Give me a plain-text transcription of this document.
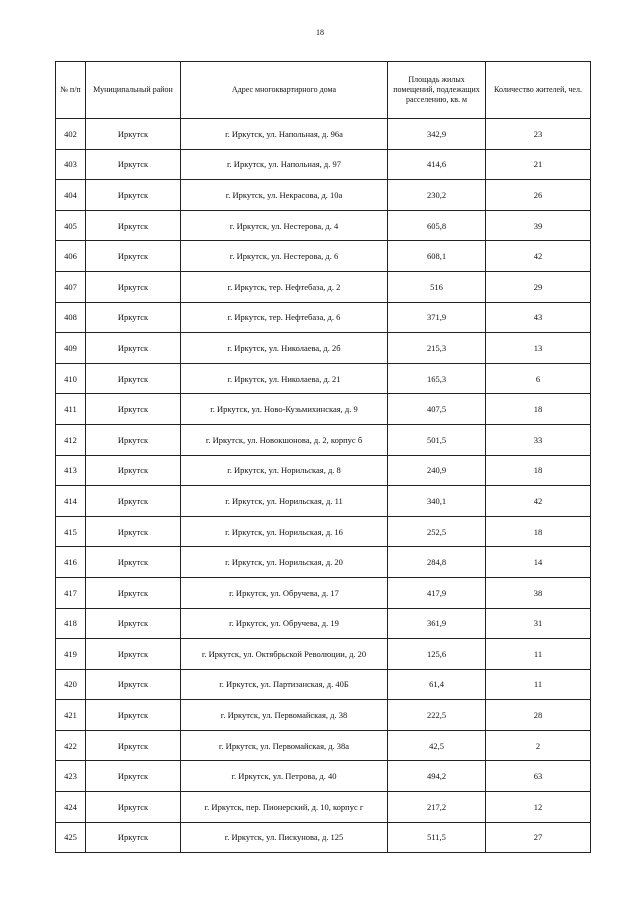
18
№ п/п	Муниципальный район	Адрес многоквартирного дома	Площадь жилых помещений, подлежащих расселению, кв. м	Количество жителей, чел.
402	Иркутск	г. Иркутск, ул. Напольная, д. 96а	342,9	23
403	Иркутск	г. Иркутск, ул. Напольная, д. 97	414,6	21
404	Иркутск	г. Иркутск, ул. Некрасова, д. 10а	230,2	26
405	Иркутск	г. Иркутск, ул. Нестерова, д. 4	605,8	39
406	Иркутск	г. Иркутск, ул. Нестерова, д. 6	608,1	42
407	Иркутск	г. Иркутск, тер. Нефтебаза, д. 2	516	29
408	Иркутск	г. Иркутск, тер. Нефтебаза, д. 6	371,9	43
409	Иркутск	г. Иркутск, ул. Николаева, д. 2б	215,3	13
410	Иркутск	г. Иркутск, ул. Николаева, д. 21	165,3	6
411	Иркутск	г. Иркутск, ул. Ново-Кузьмихинская, д. 9	407,5	18
412	Иркутск	г. Иркутск, ул. Новокшонова, д. 2, корпус б	501,5	33
413	Иркутск	г. Иркутск, ул. Норильская, д. 8	240,9	18
414	Иркутск	г. Иркутск, ул. Норильская, д. 11	340,1	42
415	Иркутск	г. Иркутск, ул. Норильская, д. 16	252,5	18
416	Иркутск	г. Иркутск, ул. Норильская, д. 20	284,8	14
417	Иркутск	г. Иркутск, ул. Обручева, д. 17	417,9	38
418	Иркутск	г. Иркутск, ул. Обручева, д. 19	361,9	31
419	Иркутск	г. Иркутск, ул. Октябрьской Революции, д. 20	125,6	11
420	Иркутск	г. Иркутск, ул. Партизанская, д. 40Б	61,4	11
421	Иркутск	г. Иркутск, ул. Первомайская, д. 38	222,5	28
422	Иркутск	г. Иркутск, ул. Первомайская, д. 38а	42,5	2
423	Иркутск	г. Иркутск, ул. Петрова, д. 40	494,2	63
424	Иркутск	г. Иркутск, пер. Пионерский, д. 10, корпус г	217,2	12
425	Иркутск	г. Иркутск, ул. Пискунова, д. 125	511,5	27
